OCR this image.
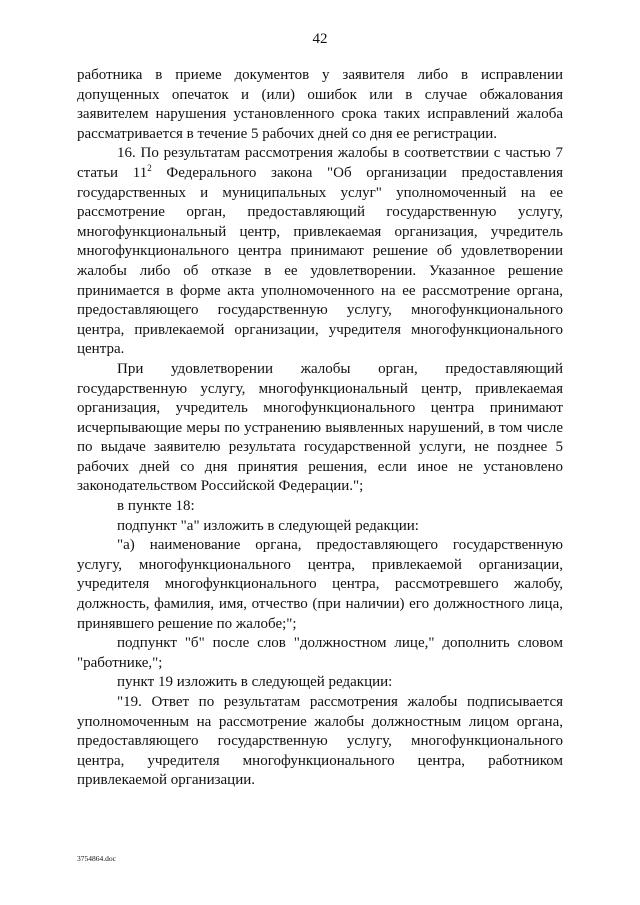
42

работника в приеме документов у заявителя либо в исправлении допущенных опечаток и (или) ошибок или в случае обжалования заявителем нарушения установленного срока таких исправлений жалоба рассматривается в течение 5 рабочих дней со дня ее регистрации.

16. По результатам рассмотрения жалобы в соответствии с частью 7 статьи $11^2$ Федерального закона "Об организации предоставления государственных и муниципальных услуг" уполномоченный на ее рассмотрение орган, предоставляющий государственную услугу, многофункциональный центр, привлекаемая организация, учредитель многофункционального центра принимают решение об удовлетворении жалобы либо об отказе в ее удовлетворении. Указанное решение принимается в форме акта уполномоченного на ее рассмотрение органа, предоставляющего государственную услугу, многофункционального центра, привлекаемой организации, учредителя многофункционального центра.

При удовлетворении жалобы орган, предоставляющий государственную услугу, многофункциональный центр, привлекаемая организация, учредитель многофункционального центра принимают исчерпывающие меры по устранению выявленных нарушений, в том числе по выдаче заявителю результата государственной услуги, не позднее 5 рабочих дней со дня принятия решения, если иное не установлено законодательством Российской Федерации.";

в пункте 18:

подпункт "а" изложить в следующей редакции:

"а) наименование органа, предоставляющего государственную услугу, многофункционального центра, привлекаемой организации, учредителя многофункционального центра, рассмотревшего жалобу, должность, фамилия, имя, отчество (при наличии) его должностного лица, принявшего решение по жалобе;";

подпункт "б" после слов "должностном лице," дополнить словом "работнике,";

пункт 19 изложить в следующей редакции:

"19. Ответ по результатам рассмотрения жалобы подписывается уполномоченным на рассмотрение жалобы должностным лицом органа, предоставляющего государственную услугу, многофункционального центра, учредителя многофункционального центра, работником привлекаемой организации.

3754864.doc
